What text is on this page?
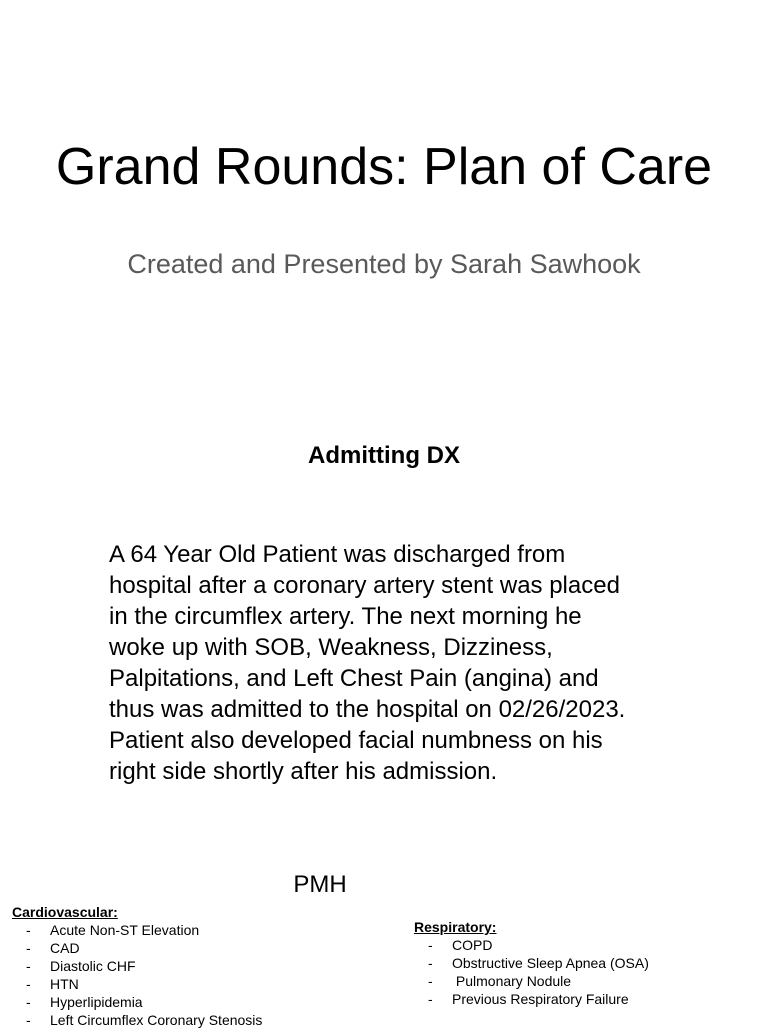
Grand Rounds: Plan of Care
Created and Presented by Sarah Sawhook
Admitting DX

A 64 Year Old Patient was discharged from hospital after a coronary artery stent was placed in the circumflex artery. The next morning he woke up with SOB, Weakness, Dizziness, Palpitations, and Left Chest Pain (angina) and thus was admitted to the hospital on 02/26/2023. Patient also developed facial numbness on his right side shortly after his admission.

PMH
Cardiovascular:
- Acute Non-ST Elevation
- CAD
- Diastolic CHF
- HTN
- Hyperlipidemia
- Left Circumflex Coronary Stenosis
Respiratory:
- COPD
- Obstructive Sleep Apnea (OSA)
- Pulmonary Nodule
- Previous Respiratory Failure
